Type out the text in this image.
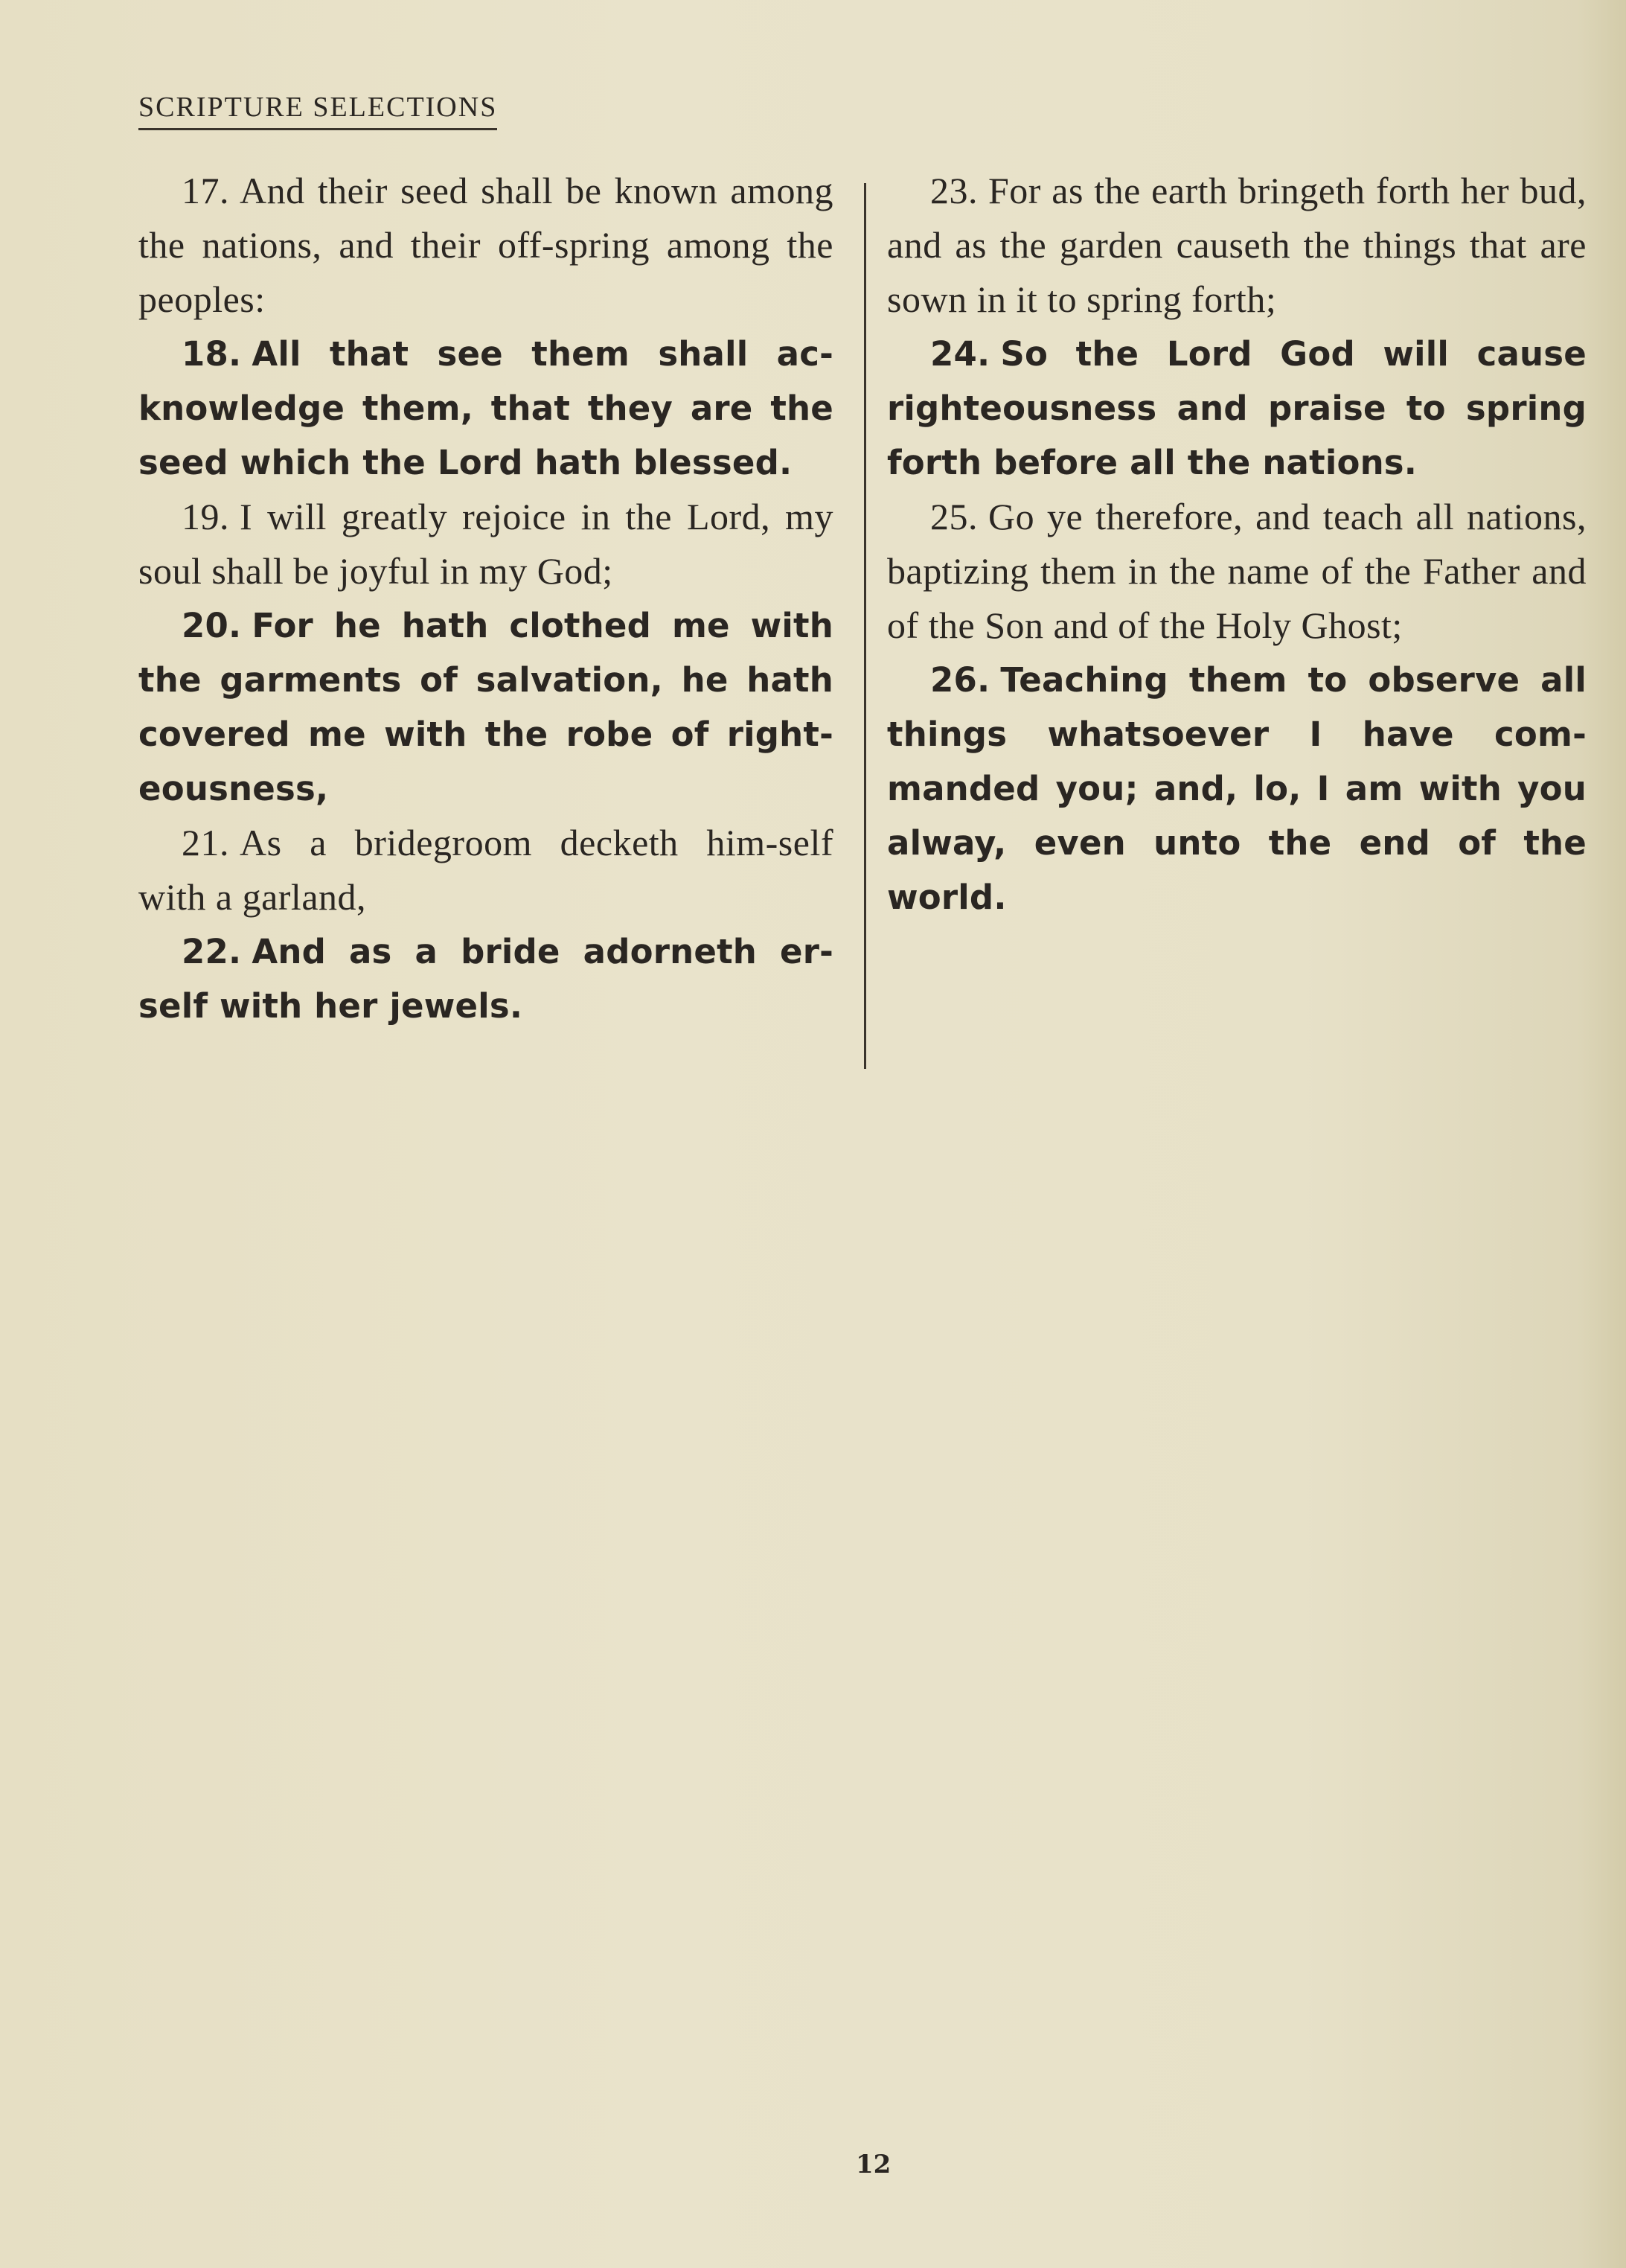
SCRIPTURE SELECTIONS

17. And their seed shall be known among the nations, and their off-spring among the peoples:

18. All that see them shall ac-knowledge them, that they are the seed which the Lord hath blessed.

19. I will greatly rejoice in the Lord, my soul shall be joyful in my God;

20. For he hath clothed me with the garments of salvation, he hath covered me with the robe of right-eousness,

21. As a bridegroom decketh him-self with a garland,

22. And as a bride adorneth er-self with her jewels.

23. For as the earth bringeth forth her bud, and as the garden causeth the things that are sown in it to spring forth;

24. So the Lord God will cause righteousness and praise to spring forth before all the nations.

25. Go ye therefore, and teach all nations, baptizing them in the name of the Father and of the Son and of the Holy Ghost;

26. Teaching them to observe all things whatsoever I have com-manded you; and, lo, I am with you alway, even unto the end of the world.

12
